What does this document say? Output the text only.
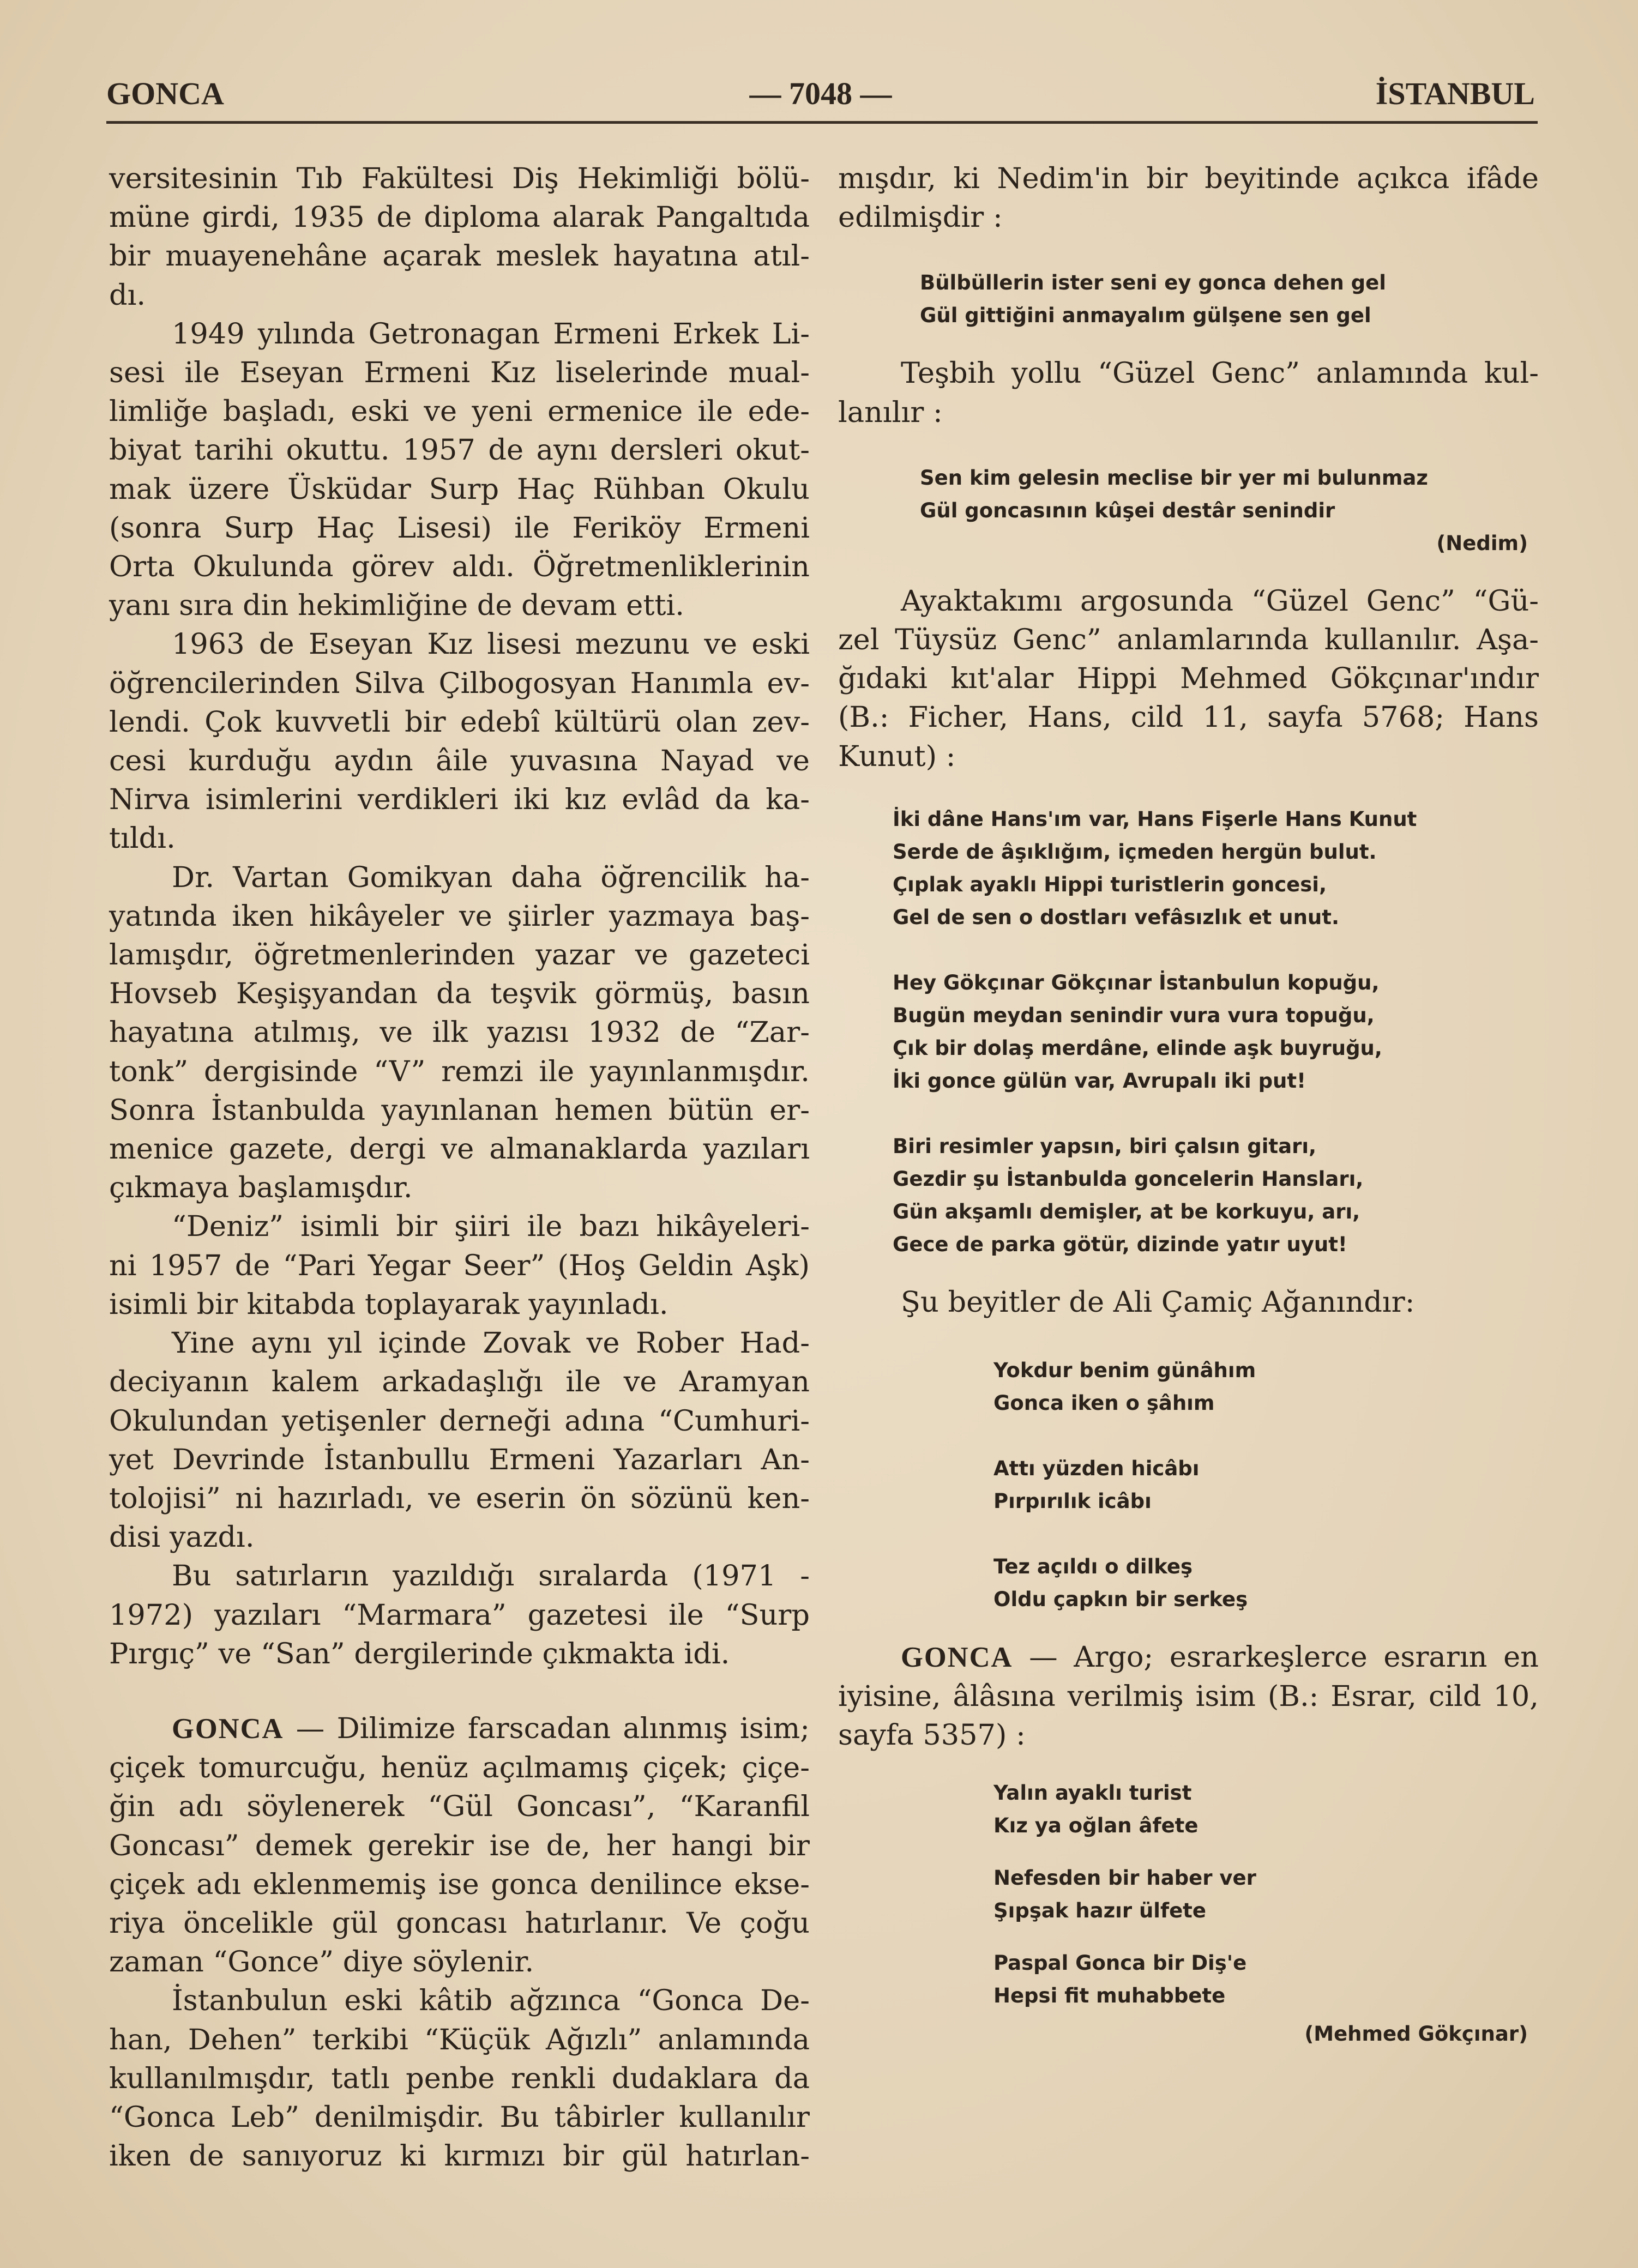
GONCA	— 7048 —	İSTANBUL
versitesinin Tıb Fakültesi Diş Hekimliği bölü-
müne girdi, 1935 de diploma alarak Pangaltıda
bir muayenehâne açarak meslek hayatına atıl-
dı.
1949 yılında Getronagan Ermeni Erkek Li-
sesi ile Eseyan Ermeni Kız liselerinde mual-
limliğe başladı, eski ve yeni ermenice ile ede-
biyat tarihi okuttu. 1957 de aynı dersleri okut-
mak üzere Üsküdar Surp Haç Rühban Okulu
(sonra Surp Haç Lisesi) ile Feriköy Ermeni
Orta Okulunda görev aldı. Öğretmenliklerinin
yanı sıra din hekimliğine de devam etti.
1963 de Eseyan Kız lisesi mezunu ve eski
öğrencilerinden Silva Çilbogosyan Hanımla ev-
lendi. Çok kuvvetli bir edebî kültürü olan zev-
cesi kurduğu aydın âile yuvasına Nayad ve
Nirva isimlerini verdikleri iki kız evlâd da ka-
tıldı.
Dr. Vartan Gomikyan daha öğrencilik ha-
yatında iken hikâyeler ve şiirler yazmaya baş-
lamışdır, öğretmenlerinden yazar ve gazeteci
Hovseb Keşişyandan da teşvik görmüş, basın
hayatına atılmış, ve ilk yazısı 1932 de “Zar-
tonk” dergisinde “V” remzi ile yayınlanmışdır.
Sonra İstanbulda yayınlanan hemen bütün er-
menice gazete, dergi ve almanaklarda yazıları
çıkmaya başlamışdır.
“Deniz” isimli bir şiiri ile bazı hikâyeleri-
ni 1957 de “Pari Yegar Seer” (Hoş Geldin Aşk)
isimli bir kitabda toplayarak yayınladı.
Yine aynı yıl içinde Zovak ve Rober Had-
deciyanın kalem arkadaşlığı ile ve Aramyan
Okulundan yetişenler derneği adına “Cumhuri-
yet Devrinde İstanbullu Ermeni Yazarları An-
tolojisi” ni hazırladı, ve eserin ön sözünü ken-
disi yazdı.
Bu satırların yazıldığı sıralarda (1971 -
1972) yazıları “Marmara” gazetesi ile “Surp
Pırgıç” ve “San” dergilerinde çıkmakta idi.
GONCA — Dilimize farscadan alınmış isim;
çiçek tomurcuğu, henüz açılmamış çiçek; çiçe-
ğin adı söylenerek “Gül Goncası”, “Karanfil
Goncası” demek gerekir ise de, her hangi bir
çiçek adı eklenmemiş ise gonca denilince ekse-
riya öncelikle gül goncası hatırlanır. Ve çoğu
zaman “Gonce” diye söylenir.
İstanbulun eski kâtib ağzınca “Gonca De-
han, Dehen” terkibi “Küçük Ağızlı” anlamında
kullanılmışdır, tatlı penbe renkli dudaklara da
“Gonca Leb” denilmişdir. Bu tâbirler kullanılır
iken de sanıyoruz ki kırmızı bir gül hatırlan-
mışdır, ki Nedim'in bir beyitinde açıkca ifâde
edilmişdir :
Bülbüllerin ister seni ey gonca dehen gel
Gül gittiğini anmayalım gülşene sen gel
Teşbih yollu “Güzel Genc” anlamında kul-
lanılır :
Sen kim gelesin meclise bir yer mi bulunmaz
Gül goncasının kûşei destâr senindir
(Nedim)
Ayaktakımı argosunda “Güzel Genc” “Gü-
zel Tüysüz Genc” anlamlarında kullanılır. Aşa-
ğıdaki kıt'alar Hippi Mehmed Gökçınar'ındır
(B.: Ficher, Hans, cild 11, sayfa 5768; Hans
Kunut) :
İki dâne Hans'ım var, Hans Fişerle Hans Kunut
Serde de âşıklığım, içmeden hergün bulut.
Çıplak ayaklı Hippi turistlerin goncesi,
Gel de sen o dostları vefâsızlık et unut.
Hey Gökçınar Gökçınar İstanbulun kopuğu,
Bugün meydan senindir vura vura topuğu,
Çık bir dolaş merdâne, elinde aşk buyruğu,
İki gonce gülün var, Avrupalı iki put!
Biri resimler yapsın, biri çalsın gitarı,
Gezdir şu İstanbulda goncelerin Hansları,
Gün akşamlı demişler, at be korkuyu, arı,
Gece de parka götür, dizinde yatır uyut!
Şu beyitler de Ali Çamiç Ağanındır:
Yokdur benim günâhım
Gonca iken o şâhım
Attı yüzden hicâbı
Pırpırılık icâbı
Tez açıldı o dilkeş
Oldu çapkın bir serkeş
GONCA — Argo; esrarkeşlerce esrarın en
iyisine, âlâsına verilmiş isim (B.: Esrar, cild 10,
sayfa 5357) :
Yalın ayaklı turist
Kız ya oğlan âfete
Nefesden bir haber ver
Şıpşak hazır ülfete
Paspal Gonca bir Diş'e
Hepsi fit muhabbete
(Mehmed Gökçınar)
